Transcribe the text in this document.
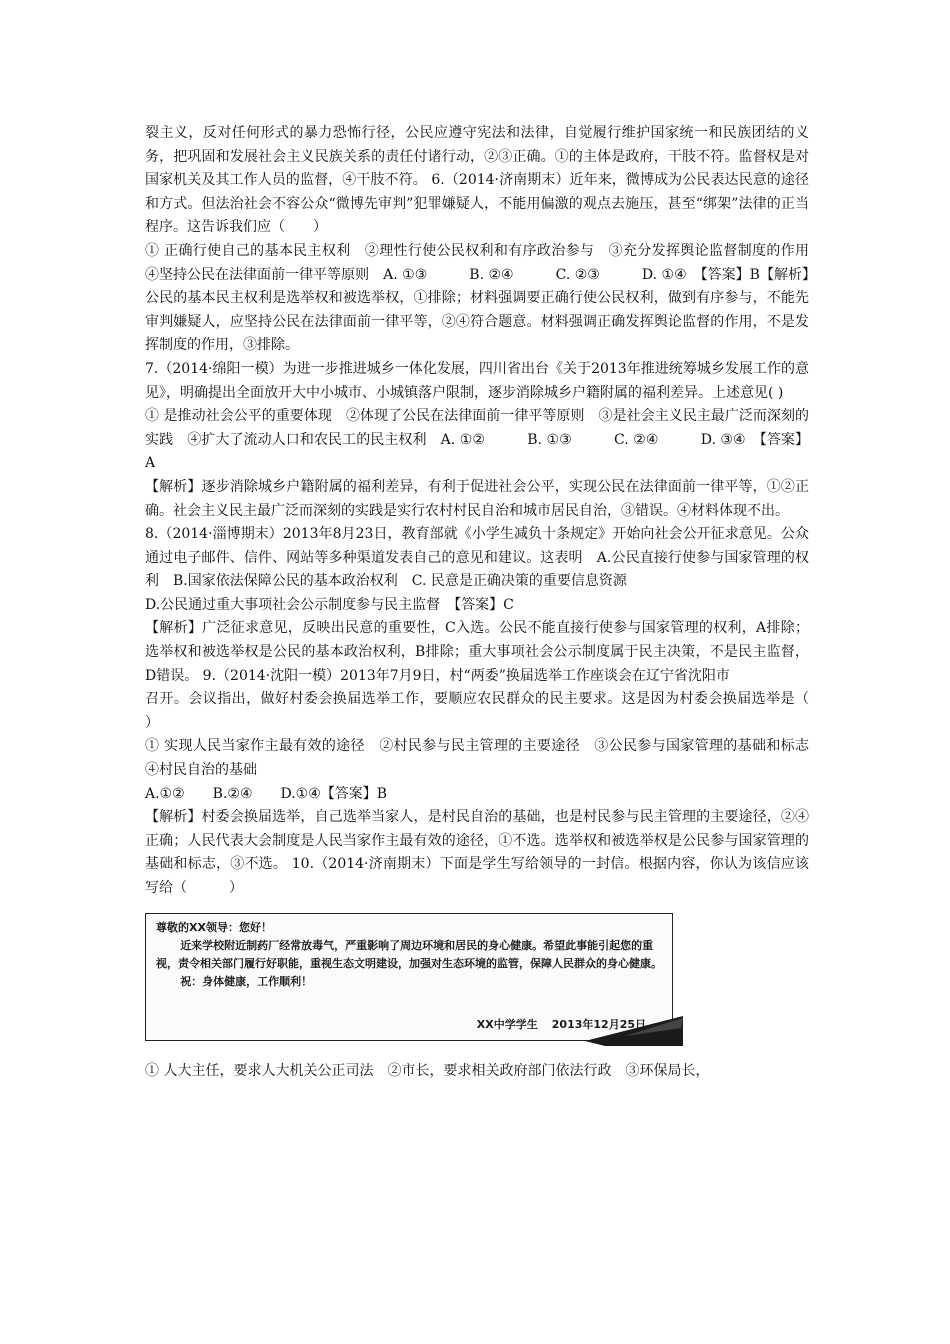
裂主义，反对任何形式的暴力恐怖行径，公民应遵守宪法和法律，自觉履行维护国家统一和民族团结的义务，把巩固和发展社会主义民族关系的责任付诸行动，②③正确。①的主体是政府，干肢不符。监督权是对国家机关及其工作人员的监督，④干肢不符。 6.（2014·济南期末）近年来，微博成为公民表达民意的途径和方式。但法治社会不容公众“微博先审判”犯罪嫌疑人，不能用偏激的观点去施压，甚至“绑架”法律的正当程序。这告诉我们应（　　）

① 正确行使自己的基本民主权利　②理性行使公民权利和有序政治参与　③充分发挥舆论监督制度的作用　④坚持公民在法律面前一律平等原则　A. ①③　　　B. ②④　　　C. ②③　　　D. ①④　【答案】B【解析】公民的基本民主权利是选举权和被选举权，①排除；材料强调要正确行使公民权利，做到有序参与，不能先审判嫌疑人，应坚持公民在法律面前一律平等，②④符合题意。材料强调正确发挥舆论监督的作用，不是发挥制度的作用，③排除。

7.（2014·绵阳一模）为进一步推进城乡一体化发展，四川省出台《关于2013年推进统筹城乡发展工作的意见》，明确提出全面放开大中小城市、小城镇落户限制，逐步消除城乡户籍附属的福利差异。上述意见( )

① 是推动社会公平的重要体现　②体现了公民在法律面前一律平等原则　③是社会主义民主最广泛而深刻的实践　④扩大了流动人口和农民工的民主权利　A. ①②　　　B. ①③　　　C. ②④　　　D. ③④　【答案】A

【解析】逐步消除城乡户籍附属的福利差异，有利于促进社会公平，实现公民在法律面前一律平等，①②正确。社会主义民主最广泛而深刻的实践是实行农村村民自治和城市居民自治，③错误。④材料体现不出。

8.（2014·淄博期末）2013年8月23日，教育部就《小学生减负十条规定》开始向社会公开征求意见。公众通过电子邮件、信件、网站等多种渠道发表自己的意见和建议。这表明　A.公民直接行使参与国家管理的权利　B.国家依法保障公民的基本政治权利　C. 民意是正确决策的重要信息资源

D.公民通过重大事项社会公示制度参与民主监督　【答案】C

【解析】广泛征求意见，反映出民意的重要性，C入选。公民不能直接行使参与国家管理的权利，A排除；选举权和被选举权是公民的基本政治权利，B排除；重大事项社会公示制度属于民主决策，不是民主监督，D错误。 9.（2014·沈阳一模）2013年7月9日，村“两委”换届选举工作座谈会在辽宁省沈阳市

召开。会议指出，做好村委会换届选举工作，要顺应农民群众的民主要求。这是因为村委会换届选举是（　　　）

① 实现人民当家作主最有效的途径　②村民参与民主管理的主要途径　③公民参与国家管理的基础和标志　④村民自治的基础

A.①②　　B.②④　　D.①④【答案】B

【解析】村委会换届选举，自己选举当家人，是村民自治的基础，也是村民参与民主管理的主要途径，②④正确；人民代表大会制度是人民当家作主最有效的途径，①不选。选举权和被选举权是公民参与国家管理的基础和标志，③不选。 10.（2014·济南期末）下面是学生写给领导的一封信。根据内容，你认为该信应该写给（　　　）

尊敬的XX领导：您好！

近来学校附近制药厂经常放毒气，严重影响了周边环境和居民的身心健康。希望此事能引起您的重视，责令相关部门履行好职能，重视生态文明建设，加强对生态环境的监管，保障人民群众的身心健康。

祝：身体健康，工作顺利！

XX中学学生 2013年12月25日

① 人大主任，要求人大机关公正司法　②市长，要求相关政府部门依法行政　③环保局长，
